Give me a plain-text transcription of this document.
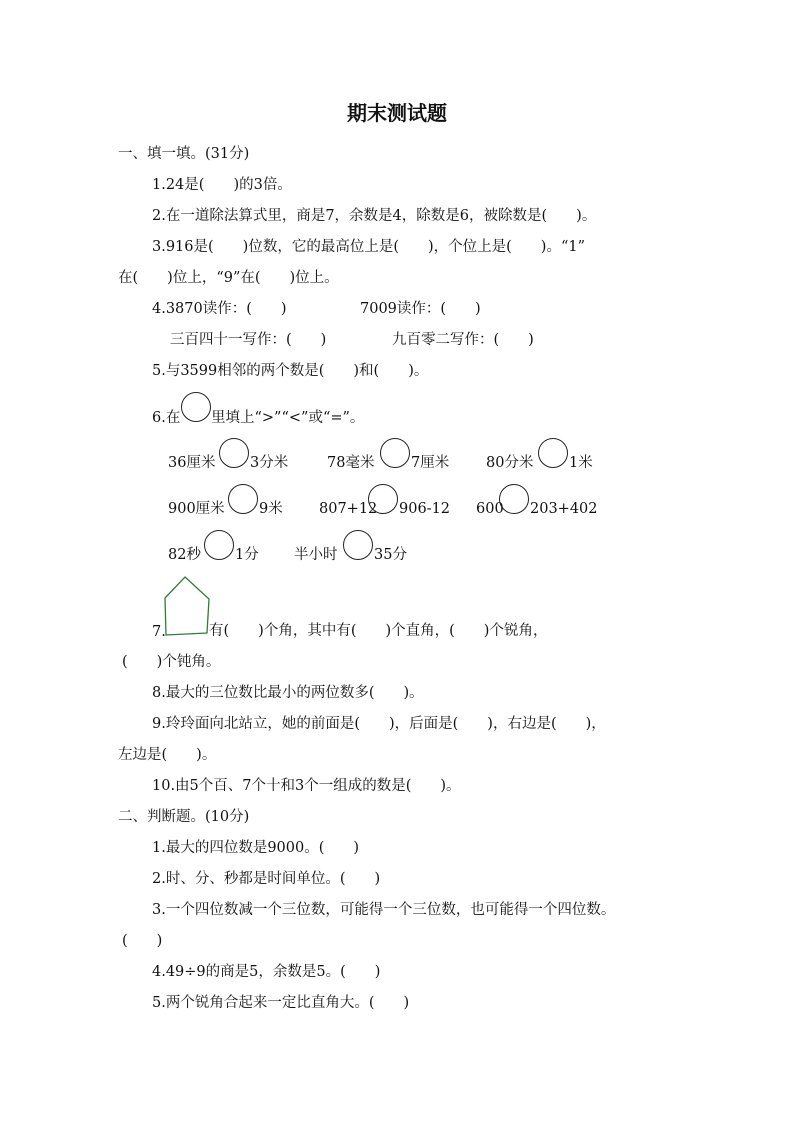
期末测试题
一、填一填。(31分)
1.24是(　　)的3倍。
2.在一道除法算式里，商是7，余数是4，除数是6，被除数是(　　)。
3.916是(　　)位数，它的最高位上是(　　)，个位上是(　　)。“1”
在(　　)位上，“9”在(　　)位上。
4.3870读作：(　　)	7009读作：(　　)
三百四十一写作：(　　)	九百零二写作：(　　)
5.与3599相邻的两个数是(　　)和(　　)。
6.在 里填上“>”“<”或“=”。
36厘米 3分米	78毫米	7厘米	80分米 1米
900厘米 9米	807+12 906-12 600 203+402
82秒 1分 半小时	35分
7.	有(　　)个角，其中有(　　)个直角，(　　)个锐角，
(　　)个钝角。
8.最大的三位数比最小的两位数多(　　)。
9.玲玲面向北站立，她的前面是(　　)，后面是(　　)，右边是(　　)，
左边是(　　)。
10.由5个百、7个十和3个一组成的数是(　　)。
二、判断题。(10分)
1.最大的四位数是9000。(　　)
2.时、分、秒都是时间单位。(　　)
3.一个四位数减一个三位数，可能得一个三位数，也可能得一个四位数。
(　　)
4.49÷9的商是5，余数是5。(　　)
5.两个锐角合起来一定比直角大。(　　)
